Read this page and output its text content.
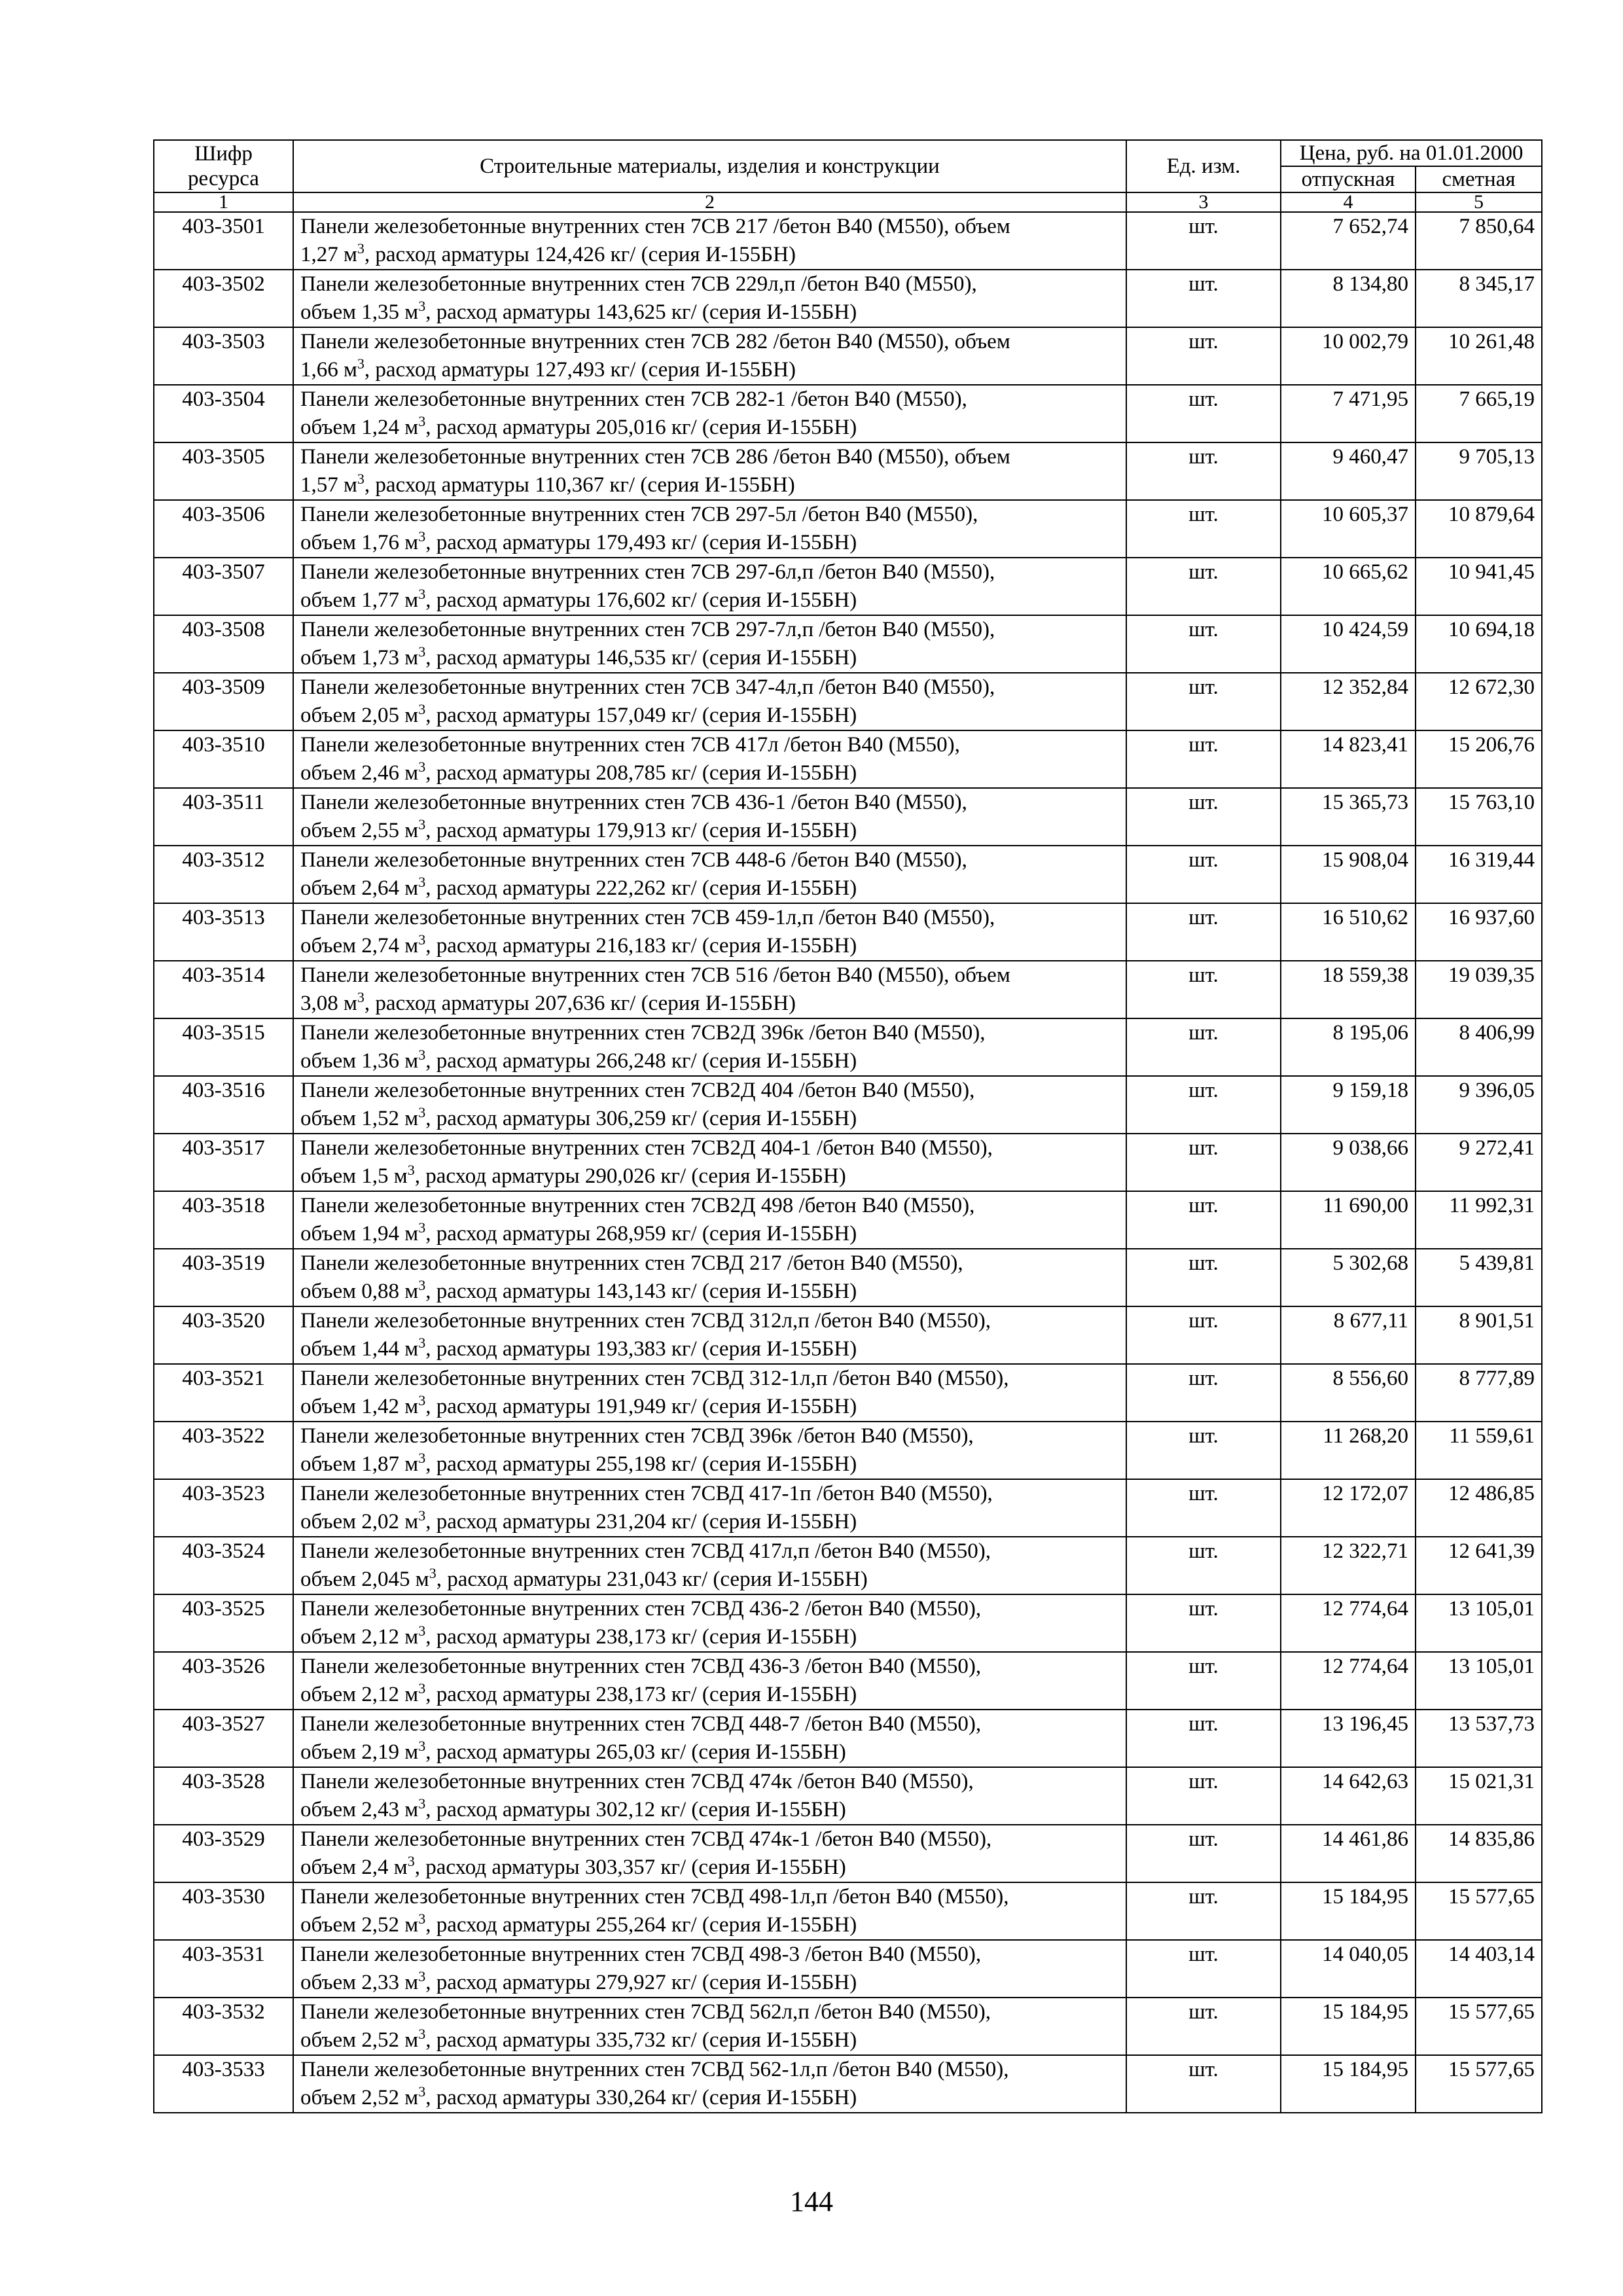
Шифр ресурса	Строительные материалы, изделия и конструкции	Ед. изм.	Цена, руб. на 01.01.2000	
			отпускная	сметная
1	2	3	4	5
403-3501	Панели железобетонные внутренних стен 7СВ 217 /бетон В40 (М550), объем
1,27 $м^3$, расход арматуры 124,426 кг/ (серия И-155БН)	шт.	7 652,74	7 850,64
403-3502	Панели железобетонные внутренних стен 7СВ 229л,п /бетон В40 (М550),
объем 1,35 $м^3$, расход арматуры 143,625 кг/ (серия И-155БН)	шт.	8 134,80	8 345,17
403-3503	Панели железобетонные внутренних стен 7СВ 282 /бетон В40 (М550), объем
1,66 $м^3$, расход арматуры 127,493 кг/ (серия И-155БН)	шт.	10 002,79	10 261,48
403-3504	Панели железобетонные внутренних стен 7СВ 282-1 /бетон В40 (М550),
объем 1,24 $м^3$, расход арматуры 205,016 кг/ (серия И-155БН)	шт.	7 471,95	7 665,19
403-3505	Панели железобетонные внутренних стен 7СВ 286 /бетон В40 (М550), объем
1,57 $м^3$, расход арматуры 110,367 кг/ (серия И-155БН)	шт.	9 460,47	9 705,13
403-3506	Панели железобетонные внутренних стен 7СВ 297-5л /бетон В40 (М550),
объем 1,76 $м^3$, расход арматуры 179,493 кг/ (серия И-155БН)	шт.	10 605,37	10 879,64
403-3507	Панели железобетонные внутренних стен 7СВ 297-6л,п /бетон В40 (М550),
объем 1,77 $м^3$, расход арматуры 176,602 кг/ (серия И-155БН)	шт.	10 665,62	10 941,45
403-3508	Панели железобетонные внутренних стен 7СВ 297-7л,п /бетон В40 (М550),
объем 1,73 $м^3$, расход арматуры 146,535 кг/ (серия И-155БН)	шт.	10 424,59	10 694,18
403-3509	Панели железобетонные внутренних стен 7СВ 347-4л,п /бетон В40 (М550),
объем 2,05 $м^3$, расход арматуры 157,049 кг/ (серия И-155БН)	шт.	12 352,84	12 672,30
403-3510	Панели железобетонные внутренних стен 7СВ 417л /бетон В40 (М550),
объем 2,46 $м^3$, расход арматуры 208,785 кг/ (серия И-155БН)	шт.	14 823,41	15 206,76
403-3511	Панели железобетонные внутренних стен 7СВ 436-1 /бетон В40 (М550),
объем 2,55 $м^3$, расход арматуры 179,913 кг/ (серия И-155БН)	шт.	15 365,73	15 763,10
403-3512	Панели железобетонные внутренних стен 7СВ 448-6 /бетон В40 (М550),
объем 2,64 $м^3$, расход арматуры 222,262 кг/ (серия И-155БН)	шт.	15 908,04	16 319,44
403-3513	Панели железобетонные внутренних стен 7СВ 459-1л,п /бетон В40 (М550),
объем 2,74 $м^3$, расход арматуры 216,183 кг/ (серия И-155БН)	шт.	16 510,62	16 937,60
403-3514	Панели железобетонные внутренних стен 7СВ 516 /бетон В40 (М550), объем
3,08 $м^3$, расход арматуры 207,636 кг/ (серия И-155БН)	шт.	18 559,38	19 039,35
403-3515	Панели железобетонные внутренних стен 7СВ2Д 396к /бетон В40 (М550),
объем 1,36 $м^3$, расход арматуры 266,248 кг/ (серия И-155БН)	шт.	8 195,06	8 406,99
403-3516	Панели железобетонные внутренних стен 7СВ2Д 404 /бетон В40 (М550),
объем 1,52 $м^3$, расход арматуры 306,259 кг/ (серия И-155БН)	шт.	9 159,18	9 396,05
403-3517	Панели железобетонные внутренних стен 7СВ2Д 404-1 /бетон В40 (М550),
объем 1,5 $м^3$, расход арматуры 290,026 кг/ (серия И-155БН)	шт.	9 038,66	9 272,41
403-3518	Панели железобетонные внутренних стен 7СВ2Д 498 /бетон В40 (М550),
объем 1,94 $м^3$, расход арматуры 268,959 кг/ (серия И-155БН)	шт.	11 690,00	11 992,31
403-3519	Панели железобетонные внутренних стен 7СВД 217 /бетон В40 (М550),
объем 0,88 $м^3$, расход арматуры 143,143 кг/ (серия И-155БН)	шт.	5 302,68	5 439,81
403-3520	Панели железобетонные внутренних стен 7СВД 312л,п /бетон В40 (М550),
объем 1,44 $м^3$, расход арматуры 193,383 кг/ (серия И-155БН)	шт.	8 677,11	8 901,51
403-3521	Панели железобетонные внутренних стен 7СВД 312-1л,п /бетон В40 (М550),
объем 1,42 $м^3$, расход арматуры 191,949 кг/ (серия И-155БН)	шт.	8 556,60	8 777,89
403-3522	Панели железобетонные внутренних стен 7СВД 396к /бетон В40 (М550),
объем 1,87 $м^3$, расход арматуры 255,198 кг/ (серия И-155БН)	шт.	11 268,20	11 559,61
403-3523	Панели железобетонные внутренних стен 7СВД 417-1п /бетон В40 (М550),
объем 2,02 $м^3$, расход арматуры 231,204 кг/ (серия И-155БН)	шт.	12 172,07	12 486,85
403-3524	Панели железобетонные внутренних стен 7СВД 417л,п /бетон В40 (М550),
объем 2,045 $м^3$, расход арматуры 231,043 кг/ (серия И-155БН)	шт.	12 322,71	12 641,39
403-3525	Панели железобетонные внутренних стен 7СВД 436-2 /бетон В40 (М550),
объем 2,12 $м^3$, расход арматуры 238,173 кг/ (серия И-155БН)	шт.	12 774,64	13 105,01
403-3526	Панели железобетонные внутренних стен 7СВД 436-3 /бетон В40 (М550),
объем 2,12 $м^3$, расход арматуры 238,173 кг/ (серия И-155БН)	шт.	12 774,64	13 105,01
403-3527	Панели железобетонные внутренних стен 7СВД 448-7 /бетон В40 (М550),
объем 2,19 $м^3$, расход арматуры 265,03 кг/ (серия И-155БН)	шт.	13 196,45	13 537,73
403-3528	Панели железобетонные внутренних стен 7СВД 474к /бетон В40 (М550),
объем 2,43 $м^3$, расход арматуры 302,12 кг/ (серия И-155БН)	шт.	14 642,63	15 021,31
403-3529	Панели железобетонные внутренних стен 7СВД 474к-1 /бетон В40 (М550),
объем 2,4 $м^3$, расход арматуры 303,357 кг/ (серия И-155БН)	шт.	14 461,86	14 835,86
403-3530	Панели железобетонные внутренних стен 7СВД 498-1л,п /бетон В40 (М550),
объем 2,52 $м^3$, расход арматуры 255,264 кг/ (серия И-155БН)	шт.	15 184,95	15 577,65
403-3531	Панели железобетонные внутренних стен 7СВД 498-3 /бетон В40 (М550),
объем 2,33 $м^3$, расход арматуры 279,927 кг/ (серия И-155БН)	шт.	14 040,05	14 403,14
403-3532	Панели железобетонные внутренних стен 7СВД 562л,п /бетон В40 (М550),
объем 2,52 $м^3$, расход арматуры 335,732 кг/ (серия И-155БН)	шт.	15 184,95	15 577,65
403-3533	Панели железобетонные внутренних стен 7СВД 562-1л,п /бетон В40 (М550),
объем 2,52 $м^3$, расход арматуры 330,264 кг/ (серия И-155БН)	шт.	15 184,95	15 577,65
144
